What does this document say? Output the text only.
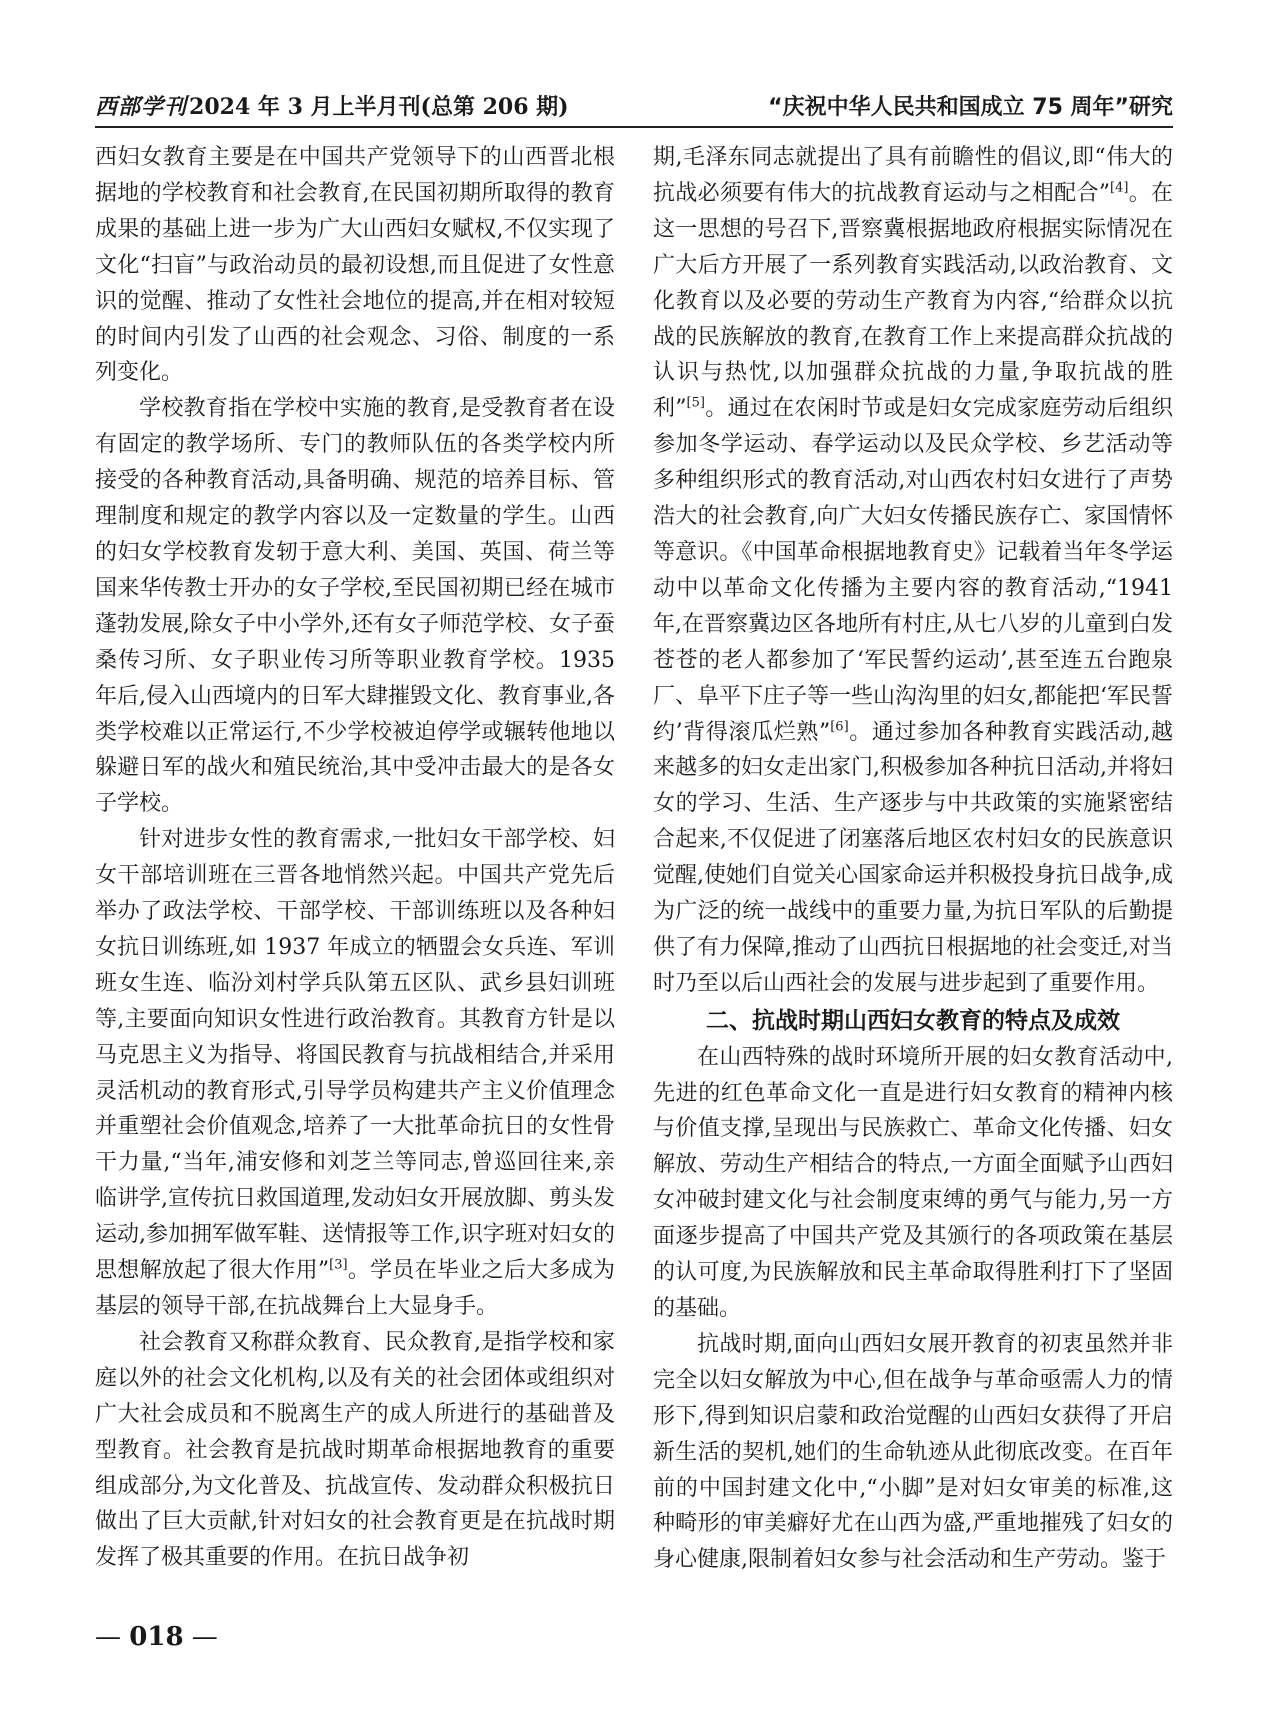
西部学刊2024 年 3 月上半月刊(总第 206 期)	“庆祝中华人民共和国成立 75 周年”研究

西妇女教育主要是在中国共产党领导下的山西晋北根据地的学校教育和社会教育,在民国初期所取得的教育成果的基础上进一步为广大山西妇女赋权,不仅实现了文化“扫盲”与政治动员的最初设想,而且促进了女性意识的觉醒、推动了女性社会地位的提高,并在相对较短的时间内引发了山西的社会观念、习俗、制度的一系列变化。

学校教育指在学校中实施的教育,是受教育者在设有固定的教学场所、专门的教师队伍的各类学校内所接受的各种教育活动,具备明确、规范的培养目标、管理制度和规定的教学内容以及一定数量的学生。山西的妇女学校教育发轫于意大利、美国、英国、荷兰等国来华传教士开办的女子学校,至民国初期已经在城市蓬勃发展,除女子中小学外,还有女子师范学校、女子蚕桑传习所、女子职业传习所等职业教育学校。1935 年后,侵入山西境内的日军大肆摧毁文化、教育事业,各类学校难以正常运行,不少学校被迫停学或辗转他地以躲避日军的战火和殖民统治,其中受冲击最大的是各女子学校。

针对进步女性的教育需求,一批妇女干部学校、妇女干部培训班在三晋各地悄然兴起。中国共产党先后举办了政法学校、干部学校、干部训练班以及各种妇女抗日训练班,如 1937 年成立的牺盟会女兵连、军训班女生连、临汾刘村学兵队第五区队、武乡县妇训班等,主要面向知识女性进行政治教育。其教育方针是以马克思主义为指导、将国民教育与抗战相结合,并采用灵活机动的教育形式,引导学员构建共产主义价值理念并重塑社会价值观念,培养了一大批革命抗日的女性骨干力量,“当年,浦安修和刘芝兰等同志,曾巡回往来,亲临讲学,宣传抗日救国道理,发动妇女开展放脚、剪头发运动,参加拥军做军鞋、送情报等工作,识字班对妇女的思想解放起了很大作用”[3]。学员在毕业之后大多成为基层的领导干部,在抗战舞台上大显身手。

社会教育又称群众教育、民众教育,是指学校和家庭以外的社会文化机构,以及有关的社会团体或组织对广大社会成员和不脱离生产的成人所进行的基础普及型教育。社会教育是抗战时期革命根据地教育的重要组成部分,为文化普及、抗战宣传、发动群众积极抗日做出了巨大贡献,针对妇女的社会教育更是在抗战时期发挥了极其重要的作用。在抗日战争初

期,毛泽东同志就提出了具有前瞻性的倡议,即“伟大的抗战必须要有伟大的抗战教育运动与之相配合”[4]。在这一思想的号召下,晋察冀根据地政府根据实际情况在广大后方开展了一系列教育实践活动,以政治教育、文化教育以及必要的劳动生产教育为内容,“给群众以抗战的民族解放的教育,在教育工作上来提高群众抗战的认识与热忱,以加强群众抗战的力量,争取抗战的胜利”[5]。通过在农闲时节或是妇女完成家庭劳动后组织参加冬学运动、春学运动以及民众学校、乡艺活动等多种组织形式的教育活动,对山西农村妇女进行了声势浩大的社会教育,向广大妇女传播民族存亡、家国情怀等意识。《中国革命根据地教育史》记载着当年冬学运动中以革命文化传播为主要内容的教育活动,“1941 年,在晋察冀边区各地所有村庄,从七八岁的儿童到白发苍苍的老人都参加了‘军民誓约运动’,甚至连五台跑泉厂、阜平下庄子等一些山沟沟里的妇女,都能把‘军民誓约’背得滚瓜烂熟”[6]。通过参加各种教育实践活动,越来越多的妇女走出家门,积极参加各种抗日活动,并将妇女的学习、生活、生产逐步与中共政策的实施紧密结合起来,不仅促进了闭塞落后地区农村妇女的民族意识觉醒,使她们自觉关心国家命运并积极投身抗日战争,成为广泛的统一战线中的重要力量,为抗日军队的后勤提供了有力保障,推动了山西抗日根据地的社会变迁,对当时乃至以后山西社会的发展与进步起到了重要作用。

二、抗战时期山西妇女教育的特点及成效

在山西特殊的战时环境所开展的妇女教育活动中,先进的红色革命文化一直是进行妇女教育的精神内核与价值支撑,呈现出与民族救亡、革命文化传播、妇女解放、劳动生产相结合的特点,一方面全面赋予山西妇女冲破封建文化与社会制度束缚的勇气与能力,另一方面逐步提高了中国共产党及其颁行的各项政策在基层的认可度,为民族解放和民主革命取得胜利打下了坚固的基础。

抗战时期,面向山西妇女展开教育的初衷虽然并非完全以妇女解放为中心,但在战争与革命亟需人力的情形下,得到知识启蒙和政治觉醒的山西妇女获得了开启新生活的契机,她们的生命轨迹从此彻底改变。在百年前的中国封建文化中,“小脚”是对妇女审美的标准,这种畸形的审美癖好尤在山西为盛,严重地摧残了妇女的身心健康,限制着妇女参与社会活动和生产劳动。鉴于

— 018 —
